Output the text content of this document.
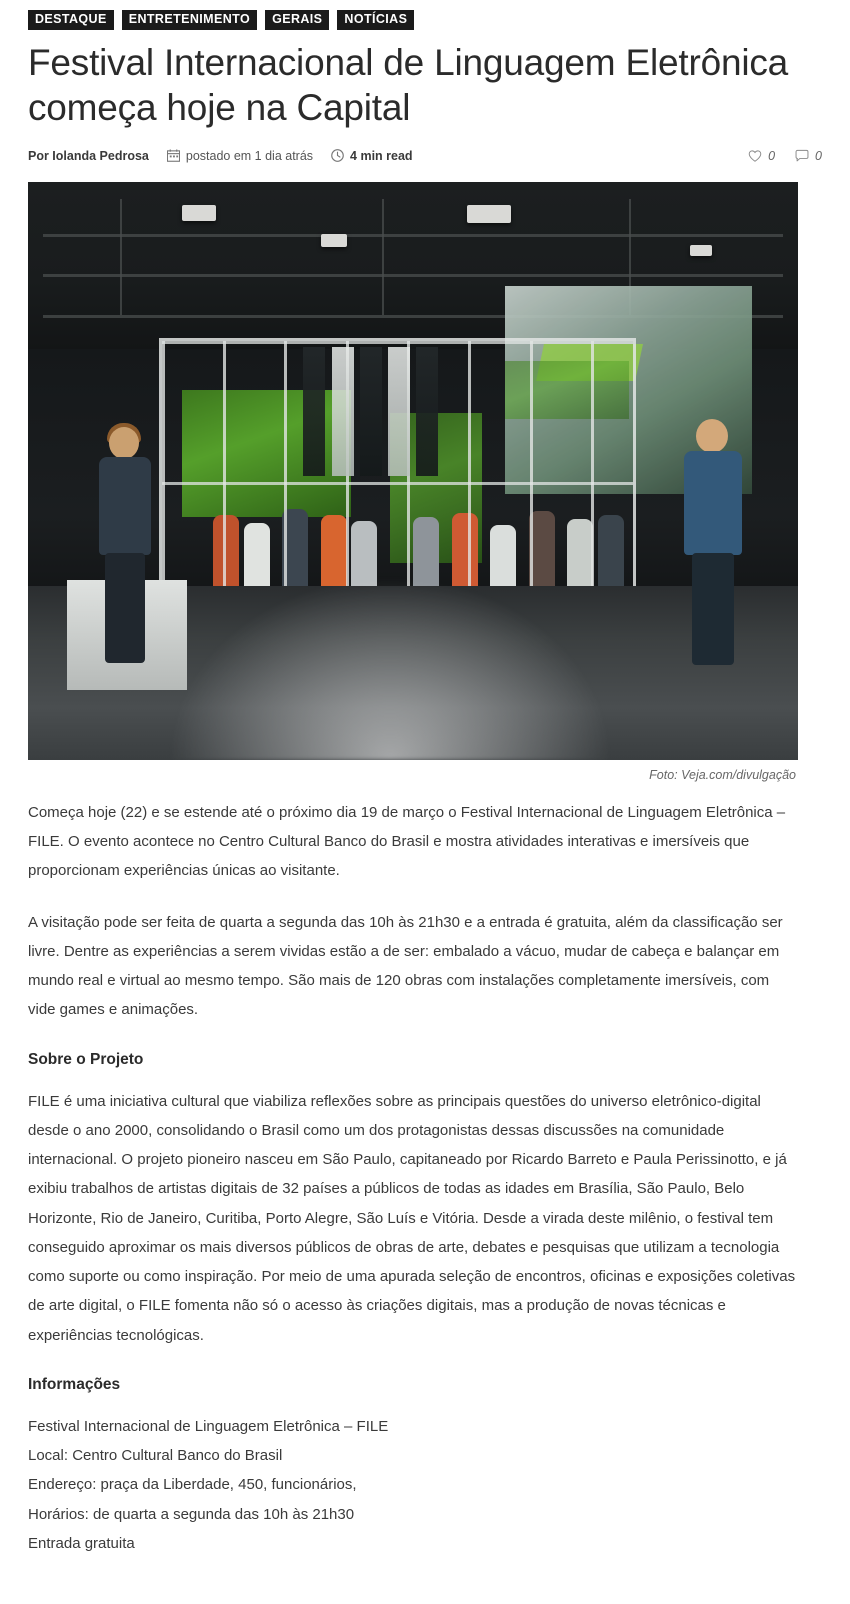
DESTAQUE	ENTRETENIMENTO	GERAIS	NOTÍCIAS
Festival Internacional de Linguagem Eletrônica começa hoje na Capital
Por Iolanda Pedrosa	postado em 1 dia atrás	4 min read	0	0
Foto: Veja.com/divulgação

Começa hoje (22) e se estende até o próximo dia 19 de março o Festival Internacional de Linguagem Eletrônica – FILE. O evento acontece no Centro Cultural Banco do Brasil e mostra atividades interativas e imersíveis que proporcionam experiências únicas ao visitante.

A visitação pode ser feita de quarta a segunda das 10h às 21h30 e a entrada é gratuita, além da classificação ser livre. Dentre as experiências a serem vividas estão a de ser: embalado a vácuo, mudar de cabeça e balançar em mundo real e virtual ao mesmo tempo. São mais de 120 obras com instalações completamente imersíveis, com vide games e animações.

Sobre o Projeto

FILE é uma iniciativa cultural que viabiliza reflexões sobre as principais questões do universo eletrônico-digital desde o ano 2000, consolidando o Brasil como um dos protagonistas dessas discussões na comunidade internacional. O projeto pioneiro nasceu em São Paulo, capitaneado por Ricardo Barreto e Paula Perissinotto, e já exibiu trabalhos de artistas digitais de 32 países a públicos de todas as idades em Brasília, São Paulo, Belo Horizonte, Rio de Janeiro, Curitiba, Porto Alegre, São Luís e Vitória. Desde a virada deste milênio, o festival tem conseguido aproximar os mais diversos públicos de obras de arte, debates e pesquisas que utilizam a tecnologia como suporte ou como inspiração. Por meio de uma apurada seleção de encontros, oficinas e exposições coletivas de arte digital, o FILE fomenta não só o acesso às criações digitais, mas a produção de novas técnicas e experiências tecnológicas.

Informações
Festival Internacional de Linguagem Eletrônica – FILE
Local: Centro Cultural Banco do Brasil
Endereço: praça da Liberdade, 450, funcionários,
Horários: de quarta a segunda das 10h às 21h30
Entrada gratuita
